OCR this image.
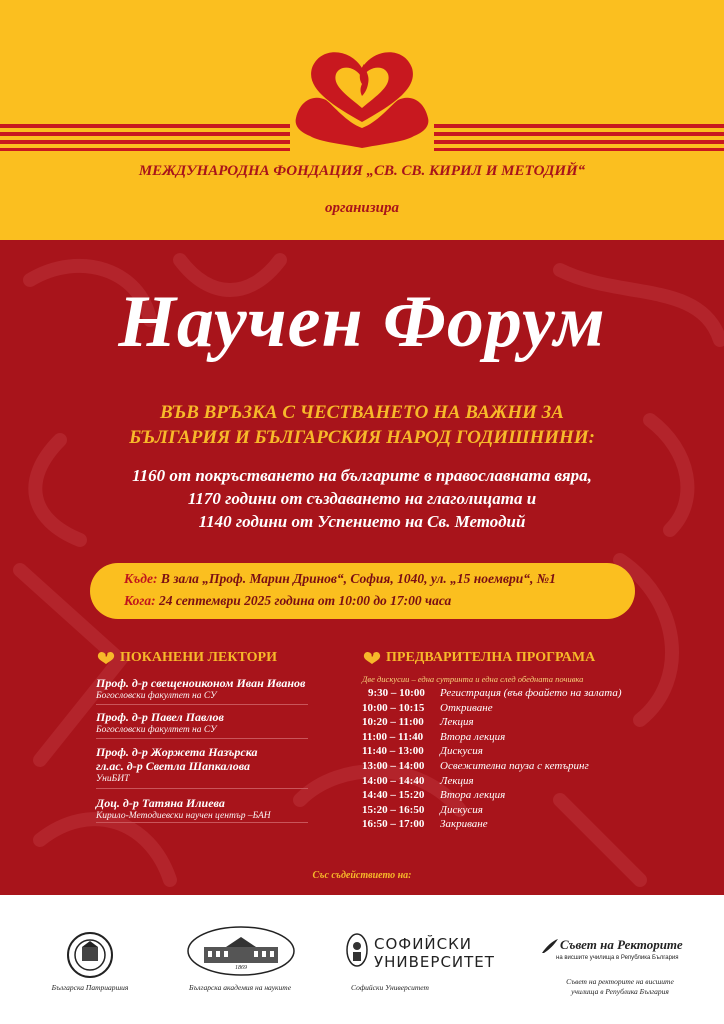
МЕЖДУНАРОДНА ФОНДАЦИЯ „СВ. СВ. КИРИЛ И МЕТОДИЙ“
организира
Научен Форум
ВЪВ ВРЪЗКА С ЧЕСТВАНЕТО НА ВАЖНИ ЗА
БЪЛГАРИЯ И БЪЛГАРСКИЯ НАРОД ГОДИШНИНИ:
1160 от покръстването на българите в православната вяра,
1170 години от създаването на глаголицата и
1140 години от Успението на Св. Методий
Къде: В зала „Проф. Марин Дринов“, София, 1040, ул. „15 ноември“, №1
Кога: 24 септември 2025 година от 10:00 до 17:00 часа
ПОКАНЕНИ ЛЕКТОРИ
Проф. д-р свещеноиконом Иван Иванов
Богословски факултет на СУ
Проф. д-р Павел Павлов
Богословски факултет на СУ
Проф. д-р Жоржета Назърска
гл.ас. д-р Светла Шапкалова
УниБИТ
Доц. д-р Татяна Илиева
Кирило-Методиевски научен център –БАН
ПРЕДВАРИТЕЛНА ПРОГРАМА
Две дискусии – една сутринта и една след обедната почивка
9:30 – 10:00 Регистрация (във фоайето на залата)
10:00 – 10:15 Откриване
10:20 – 11:00 Лекция
11:00 – 11:40 Втора лекция
11:40 – 13:00 Дискусия
13:00 – 14:00 Освежителна пауза с кетъринг
14:00 – 14:40 Лекция
14:40 – 15:20 Втора лекция
15:20 – 16:50 Дискусия
16:50 – 17:00 Закриване
Със съдействието на:
Българска Патриаршия
1869
Българска академия на науките
СОФИЙСКИ
УНИВЕРСИТЕТ
Софийски Университет
Съвет на Ректорите
на висшите училища в Република България
Съвет на ректорите на висшите
училища в Република България
